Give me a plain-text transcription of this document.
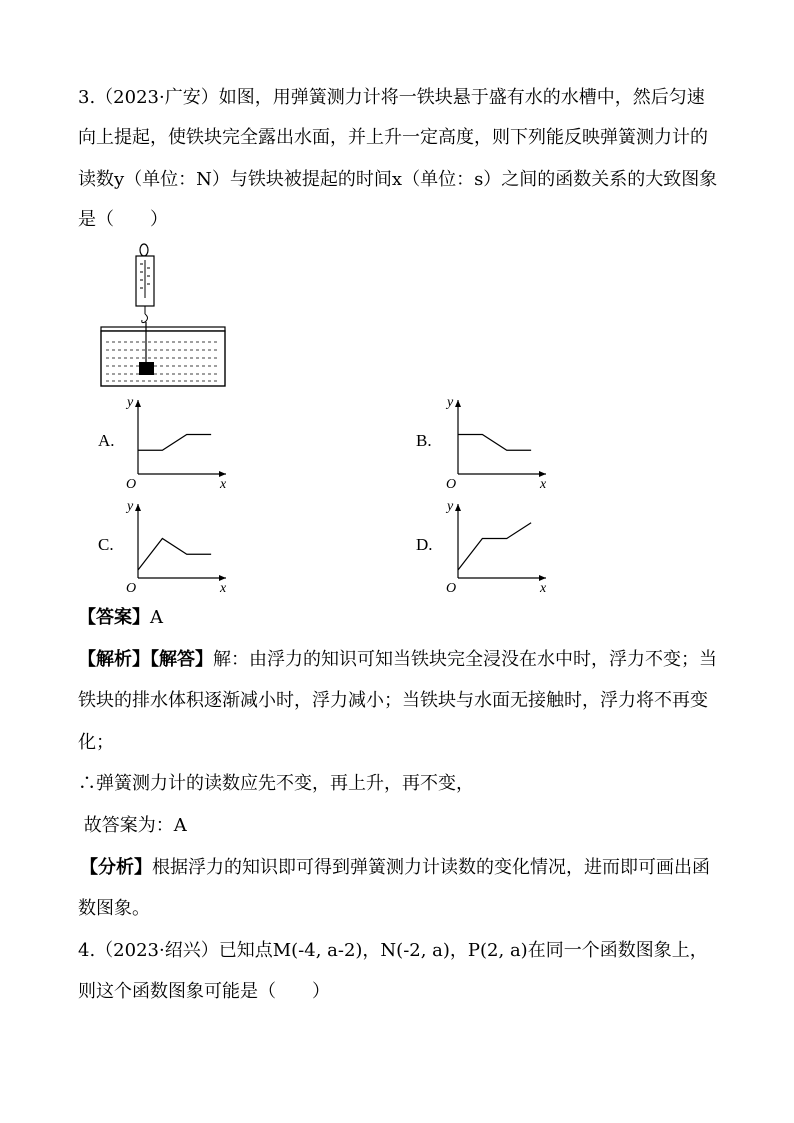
3.（2023·广安）如图，用弹簧测力计将一铁块悬于盛有水的水槽中，然后匀速
向上提起，使铁块完全露出水面，并上升一定高度，则下列能反映弹簧测力计的
读数y（单位：N）与铁块被提起的时间x（单位：s）之间的函数关系的大致图象
是（　　）
A.
y
x
O
B.
y
x
O
C.
y
x
O
D.
y
x
O
【答案】A
【解析】【解答】解：由浮力的知识可知当铁块完全浸没在水中时，浮力不变；当
铁块的排水体积逐渐减小时，浮力减小；当铁块与水面无接触时，浮力将不再变
化；
∴弹簧测力计的读数应先不变，再上升，再不变，
故答案为：A
【分析】根据浮力的知识即可得到弹簧测力计读数的变化情况，进而即可画出函
数图象。
4.（2023·绍兴）已知点M(-4, a-2)，N(-2, a)，P(2, a)在同一个函数图象上，
则这个函数图象可能是（　　）
